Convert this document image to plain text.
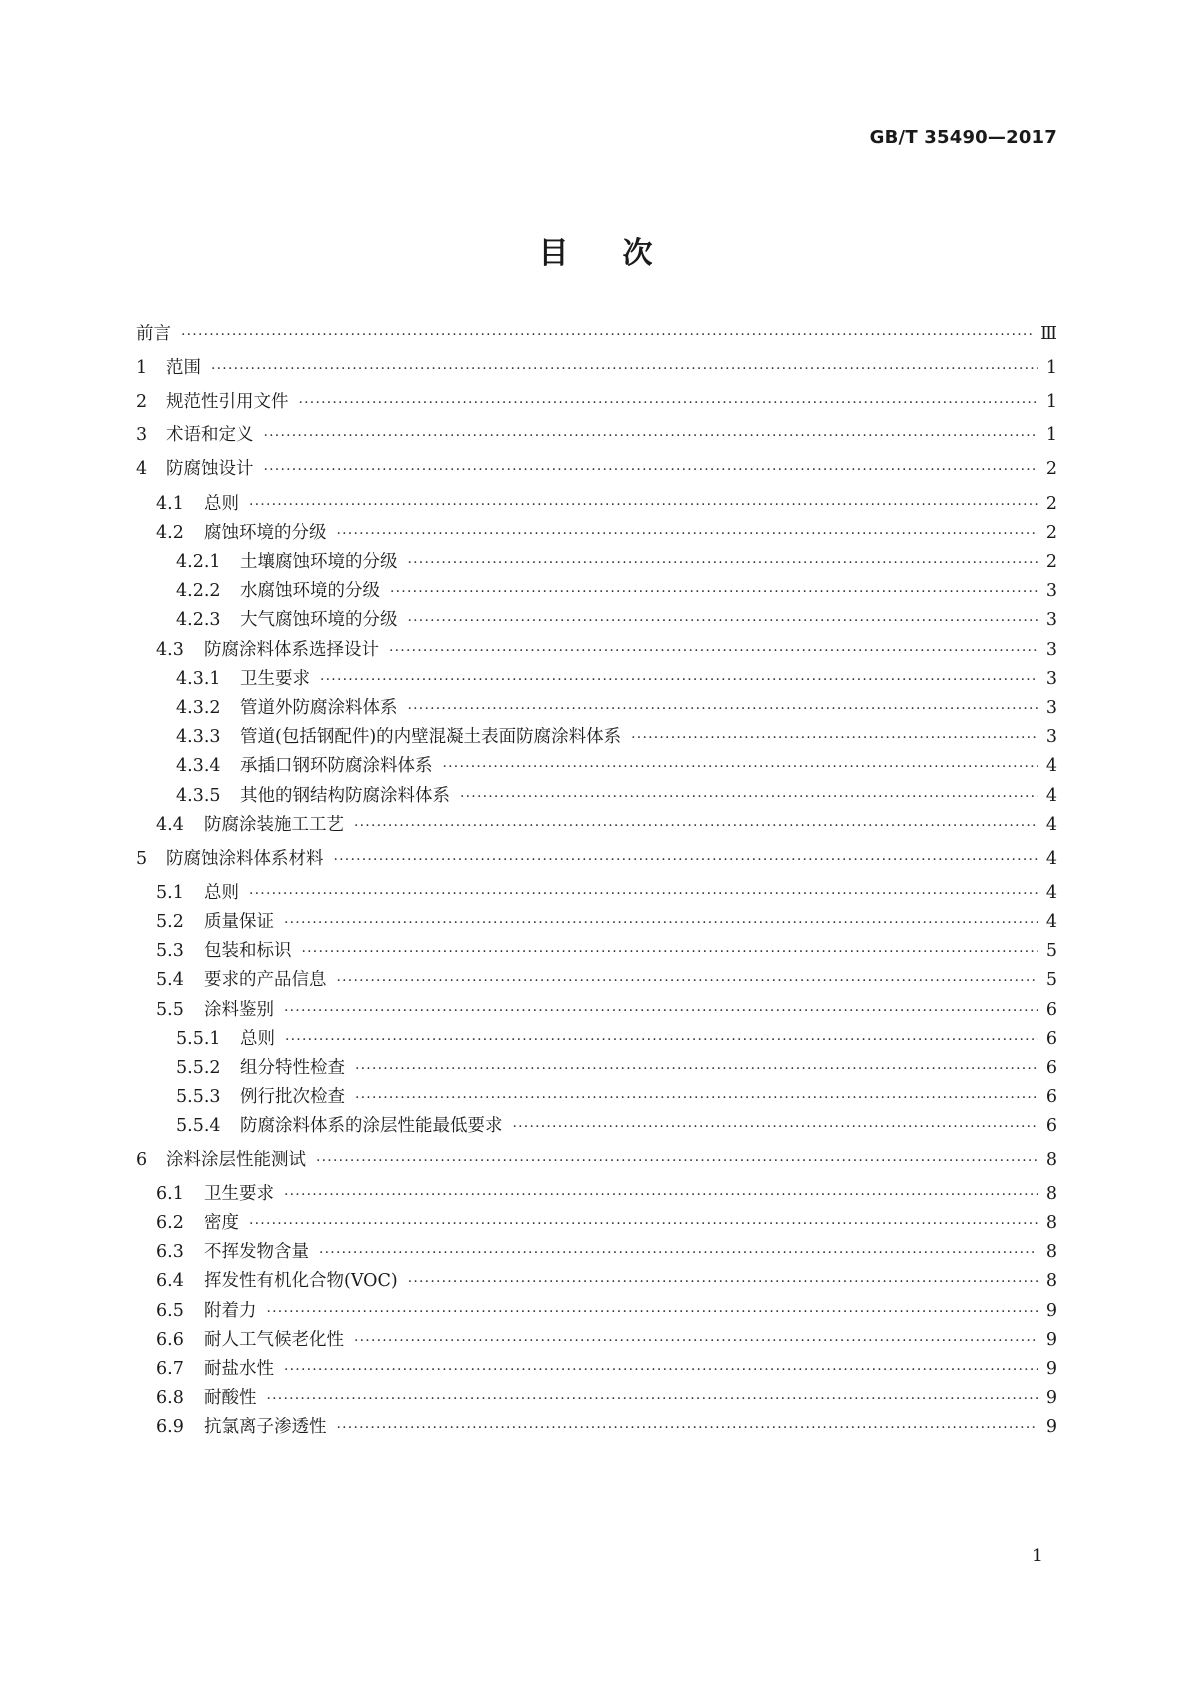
GB/T 35490—2017
目 次
前言 ·····	Ⅲ
1	范围 ·····	1
2	规范性引用文件 ·····	1
3	术语和定义 ·····	1
4	防腐蚀设计 ·····	2
4.1	总则 ·····	2
4.2	腐蚀环境的分级 ·····	2
4.2.1	土壤腐蚀环境的分级 ·····	2
4.2.2	水腐蚀环境的分级 ·····	3
4.2.3	大气腐蚀环境的分级 ·····	3
4.3	防腐涂料体系选择设计 ·····	3
4.3.1	卫生要求 ·····	3
4.3.2	管道外防腐涂料体系 ·····	3
4.3.3	管道(包括钢配件)的内壁混凝土表面防腐涂料体系 ·····	3
4.3.4	承插口钢环防腐涂料体系 ·····	4
4.3.5	其他的钢结构防腐涂料体系 ·····	4
4.4	防腐涂装施工工艺 ·····	4
5	防腐蚀涂料体系材料 ·····	4
5.1	总则 ·····	4
5.2	质量保证 ·····	4
5.3	包装和标识 ·····	5
5.4	要求的产品信息 ·····	5
5.5	涂料鉴别 ·····	6
5.5.1	总则 ·····	6
5.5.2	组分特性检查 ·····	6
5.5.3	例行批次检查 ·····	6
5.5.4	防腐涂料体系的涂层性能最低要求 ·····	6
6	涂料涂层性能测试 ·····	8
6.1	卫生要求 ·····	8
6.2	密度 ·····	8
6.3	不挥发物含量 ·····	8
6.4	挥发性有机化合物(VOC) ·····	8
6.5	附着力 ·····	9
6.6	耐人工气候老化性 ·····	9
6.7	耐盐水性 ·····	9
6.8	耐酸性 ·····	9
6.9	抗氯离子渗透性 ·····	9
1
